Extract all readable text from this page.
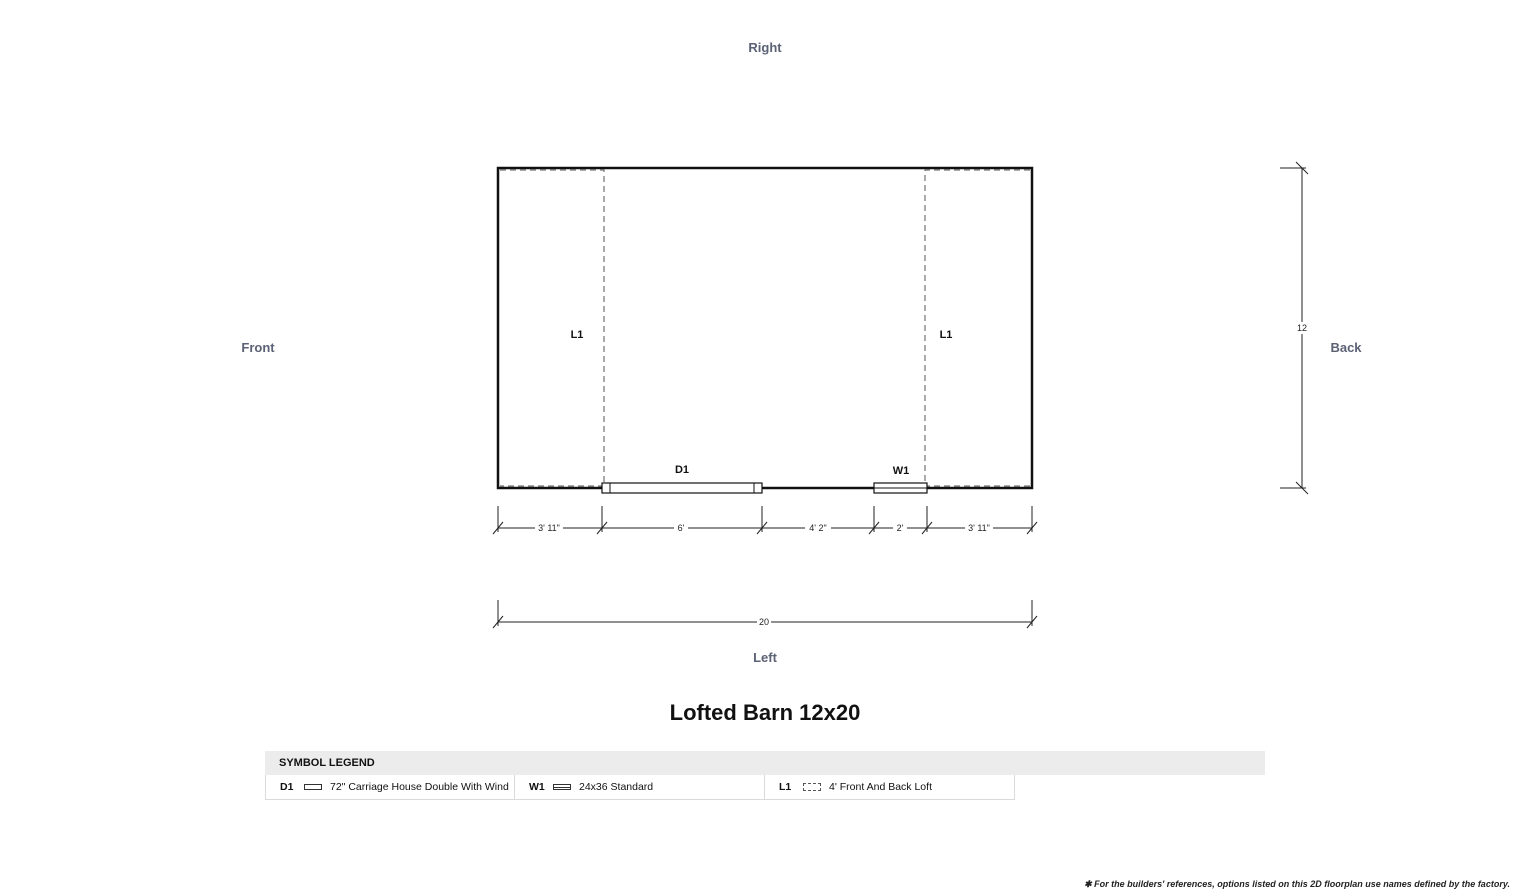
Right
Left
Front	Back
L1	L1
D1	W1
3' 11"	6'	4' 2"	2'	3' 11"
20
12
Lofted Barn 12x20
SYMBOL LEGEND
D1	72" Carriage House Double With Wind W1	24x36 Standard	L1	4' Front And Back Loft
✱ For the builders' references, options listed on this 2D floorplan use names defined by the factory.
